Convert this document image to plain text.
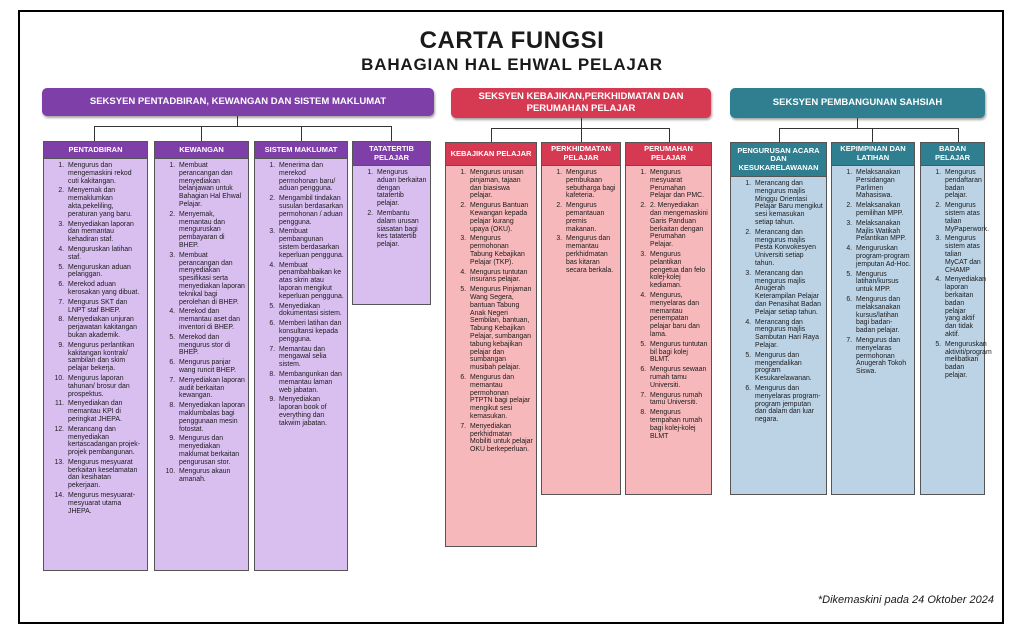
CARTA FUNGSI
BAHAGIAN HAL EHWAL PELAJAR
SEKSYEN PENTADBIRAN, KEWANGAN DAN SISTEM MAKLUMAT	SEKSYEN KEBAJIKAN,PERKHIDMATAN DAN PERUMAHAN PELAJAR
SEKSYEN PEMBANGUNAN SAHSIAH
PENTADBIRAN
1. Mengurus dan mengemaskini rekod cuti kakitangan.
2. Menyemak dan memaklumkan akta,pekeliling, peraturan yang baru.
3. Menyediakan laporan dan memantau kehadiran staf.
4. Menguruskan latihan staf.
5. Menguruskan aduan pelanggan.
6. Merekod aduan kerosakan yang dibuat.
7. Mengurus SKT dan LNPT staf BHEP.
8. Menyediakan unjuran perjawatan kakitangan bukan akademik.
9. Mengurus perlantikan kakitangan kontrak/ sambilan dan skim pelajar bekerja.
10. Mengurus laporan tahunan/ brosur dan prospektus.
11. Menyediakan dan memantau KPI di peringkat JHEPA.
12. Merancang dan menyediakan kertascadangan projek-projek pembangunan.
13. Mengurus mesyuarat berkaitan keselamatan dan kesihatan pekerjaan.
14. Mengurus mesyuarat-mesyuarat utama JHEPA.
KEWANGAN
1. Membuat perancangan dan menyediakan belanjawan untuk Bahagian Hal Ehwal Pelajar.
2. Menyemak, memantau dan menguruskan pembayaran di BHEP.
3. Membuat perancangan dan menyediakan spesifikasi serta menyediakan laporan teknikal bagi perolehan di BHEP.
4. Merekod dan memantau aset dan inventori di BHEP.
5. Merekod dan mengurus stor di BHEP.
6. Mengurus panjar wang runcit BHEP.
7. Menyediakan laporan audit berkaitan kewangan.
8. Menyediakan laporan maklumbalas bagi penggunaan mesin fotostat.
9. Mengurus dan menyediakan maklumat berkaitan pengurusan stor.
10. Mengurus akaun amanah.
SISTEM MAKLUMAT
1. Menerima dan merekod permohonan baru/ aduan pengguna.
2. Mengambil tindakan susulan berdasarkan permohonan / aduan pengguna.
3. Membuat pembangunan sistem berdasarkan keperluan pengguna.
4. Membuat penambahbaikan ke atas skrin atau laporan mengikut keperluan pengguna.
5. Menyediakan dokumentasi sistem.
6. Memberi latihan dan konsultansi kepada pengguna.
7. Memantau dan mengawal selia sistem.
8. Membangunkan dan memantau laman web jabatan.
9. Menyediakan laporan book of everything dan takwim jabatan.
TATATERTIB PELAJAR
1. Mengurus aduan berkaitan dengan tatatertib pelajar.
2. Membantu dalam urusan siasatan bagi kes tatatertib pelajar.
KEBAJIKAN PELAJAR
1. Mengurus urusan pinjaman, tajaan dan biasiswa pelajar.
2. Mengurus Bantuan Kewangan kepada pelajar kurang upaya (OKU).
3. Mengurus permohonan Tabung Kebajikan Pelajar (TKP).
4. Mengurus tuntutan insurans pelajar.
5. Mengurus Pinjaman Wang Segera, bantuan Tabung Anak Negeri Sembilan, bantuan, Tabung Kebajikan Pelajar, sumbangan tabung kebajikan pelajar dan sumbangan musibah pelajar.
6. Mengurus dan memantau permohonan PTPTN bagi pelajar mengikut sesi kemasukan.
7. Menyediakan perkhidmatan Mobiliti untuk pelajar OKU berkeperluan.
PERKHIDMATAN PELAJAR
1. Mengurus pembukaan sebutharga bagi kafeteria.
2. Mengurus pemantauan premis makanan.
3. Mengurus dan memantau perkhidmatan bas kitaran secara berkala.
PERUMAHAN PELAJAR
1. Mengurus mesyuarat Perumahan Pelajar dan PMC.
2. 2. Menyediakan dan mengemaskini Garis Panduan berkaitan dengan Perumahan Pelajar.
3. Mengurus pelantikan pengetua dan felo kolej-kolej kediaman.
4. Mengurus, menyelaras dan memantau penempatan pelajar baru dan lama.
5. Mengurus tuntutan bil bagi kolej BLMT.
6. Mengurus sewaan rumah tamu Universiti.
7. Mengurus rumah tamu Universiti.
8. Mengurus tempahan rumah bagi kolej-kolej BLMT
PENGURUSAN ACARA DAN KESUKARELAWANAN
1. Merancang dan mengurus majlis Minggu Orientasi Pelajar Baru mengikut sesi kemasukan setiap tahun.
2. Merancang dan mengurus majlis Pesta Konvokesyen Universiti setiap tahun.
3. Merancang dan mengurus majlis Anugerah Keterampilan Pelajar dan Penasihat Badan Pelajar setiap tahun.
4. Merancang dan mengurus majlis Sambutan Hari Raya Pelajar.
5. Mengurus dan mengendalikan program Kesukarelawanan.
6. Mengurus dan menyelaras program-program jemputan dan dalam dan luar negara.
KEPIMPINAN DAN LATIHAN
1. Melaksanakan Persidangan Parlimen Mahasiswa.
2. Melaksanakan pemilihan MPP.
3. Melaksanakan Majlis Watikah Pelantikan MPP.
4. Menguruskan program-program jemputan Ad-Hoc.
5. Mengurus latihan/kursus untuk MPP.
6. Mengurus dan melaksanakan kursus/latihan bagi badan-badan pelajar.
7. Mengurus dan menyelaras permohonan Anugerah Tokoh Siswa.
BADAN PELAJAR
1. Mengurus pendaftaran badan pelajar.
2. Mengurus sistem atas talian MyPaperwork.
3. Mengurus sistem atas talian MyCAT dan CHAMP
4. Menyediakan laporan berkaitan badan pelajar yang aktif dan tidak aktif.
5. Menguruskan aktiviti/program melibatkan badan pelajar.
*Dikemaskini pada 24 Oktober 2024
